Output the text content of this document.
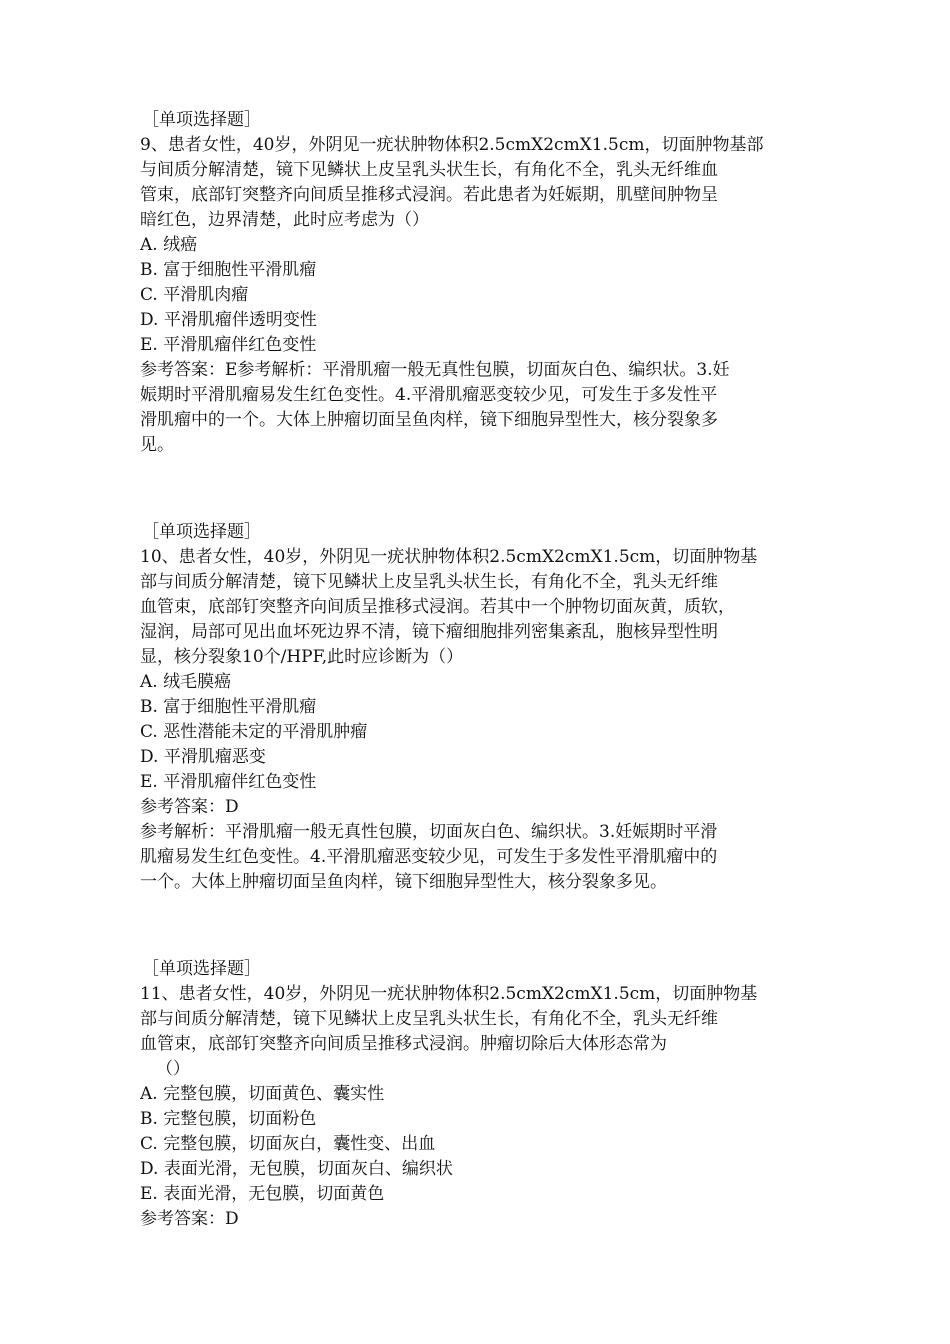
［单项选择题］

9、患者女性，40岁，外阴见一疣状肿物体积2.5cmX2cmX1.5cm，切面肿物基部

与间质分解清楚，镜下见鳞状上皮呈乳头状生长，有角化不全，乳头无纤维血

管束，底部钉突整齐向间质呈推移式浸润。若此患者为妊娠期，肌壁间肿物呈

暗红色，边界清楚，此时应考虑为（）

A. 绒癌

B. 富于细胞性平滑肌瘤

C. 平滑肌肉瘤

D. 平滑肌瘤伴透明变性

E. 平滑肌瘤伴红色变性

参考答案：E参考解析：平滑肌瘤一般无真性包膜，切面灰白色、编织状。3.妊

娠期时平滑肌瘤易发生红色变性。4.平滑肌瘤恶变较少见，可发生于多发性平

滑肌瘤中的一个。大体上肿瘤切面呈鱼肉样，镜下细胞异型性大，核分裂象多

见。

［单项选择题］

10、患者女性，40岁，外阴见一疣状肿物体积2.5cmX2cmX1.5cm，切面肿物基

部与间质分解清楚，镜下见鳞状上皮呈乳头状生长，有角化不全，乳头无纤维

血管束，底部钉突整齐向间质呈推移式浸润。若其中一个肿物切面灰黄，质软，

湿润，局部可见出血坏死边界不清，镜下瘤细胞排列密集紊乱，胞核异型性明

显，核分裂象10个/HPF,此时应诊断为（）

A. 绒毛膜癌

B. 富于细胞性平滑肌瘤

C. 恶性潜能未定的平滑肌肿瘤

D. 平滑肌瘤恶变

E. 平滑肌瘤伴红色变性

参考答案：D

参考解析：平滑肌瘤一般无真性包膜，切面灰白色、编织状。3.妊娠期时平滑

肌瘤易发生红色变性。4.平滑肌瘤恶变较少见，可发生于多发性平滑肌瘤中的

一个。大体上肿瘤切面呈鱼肉样，镜下细胞异型性大，核分裂象多见。

［单项选择题］

11、患者女性，40岁，外阴见一疣状肿物体积2.5cmX2cmX1.5cm，切面肿物基

部与间质分解清楚，镜下见鳞状上皮呈乳头状生长，有角化不全，乳头无纤维

血管束，底部钉突整齐向间质呈推移式浸润。肿瘤切除后大体形态常为

（）

A. 完整包膜，切面黄色、囊实性

B. 完整包膜，切面粉色

C. 完整包膜，切面灰白，囊性变、出血

D. 表面光滑，无包膜，切面灰白、编织状

E. 表面光滑，无包膜，切面黄色

参考答案：D
